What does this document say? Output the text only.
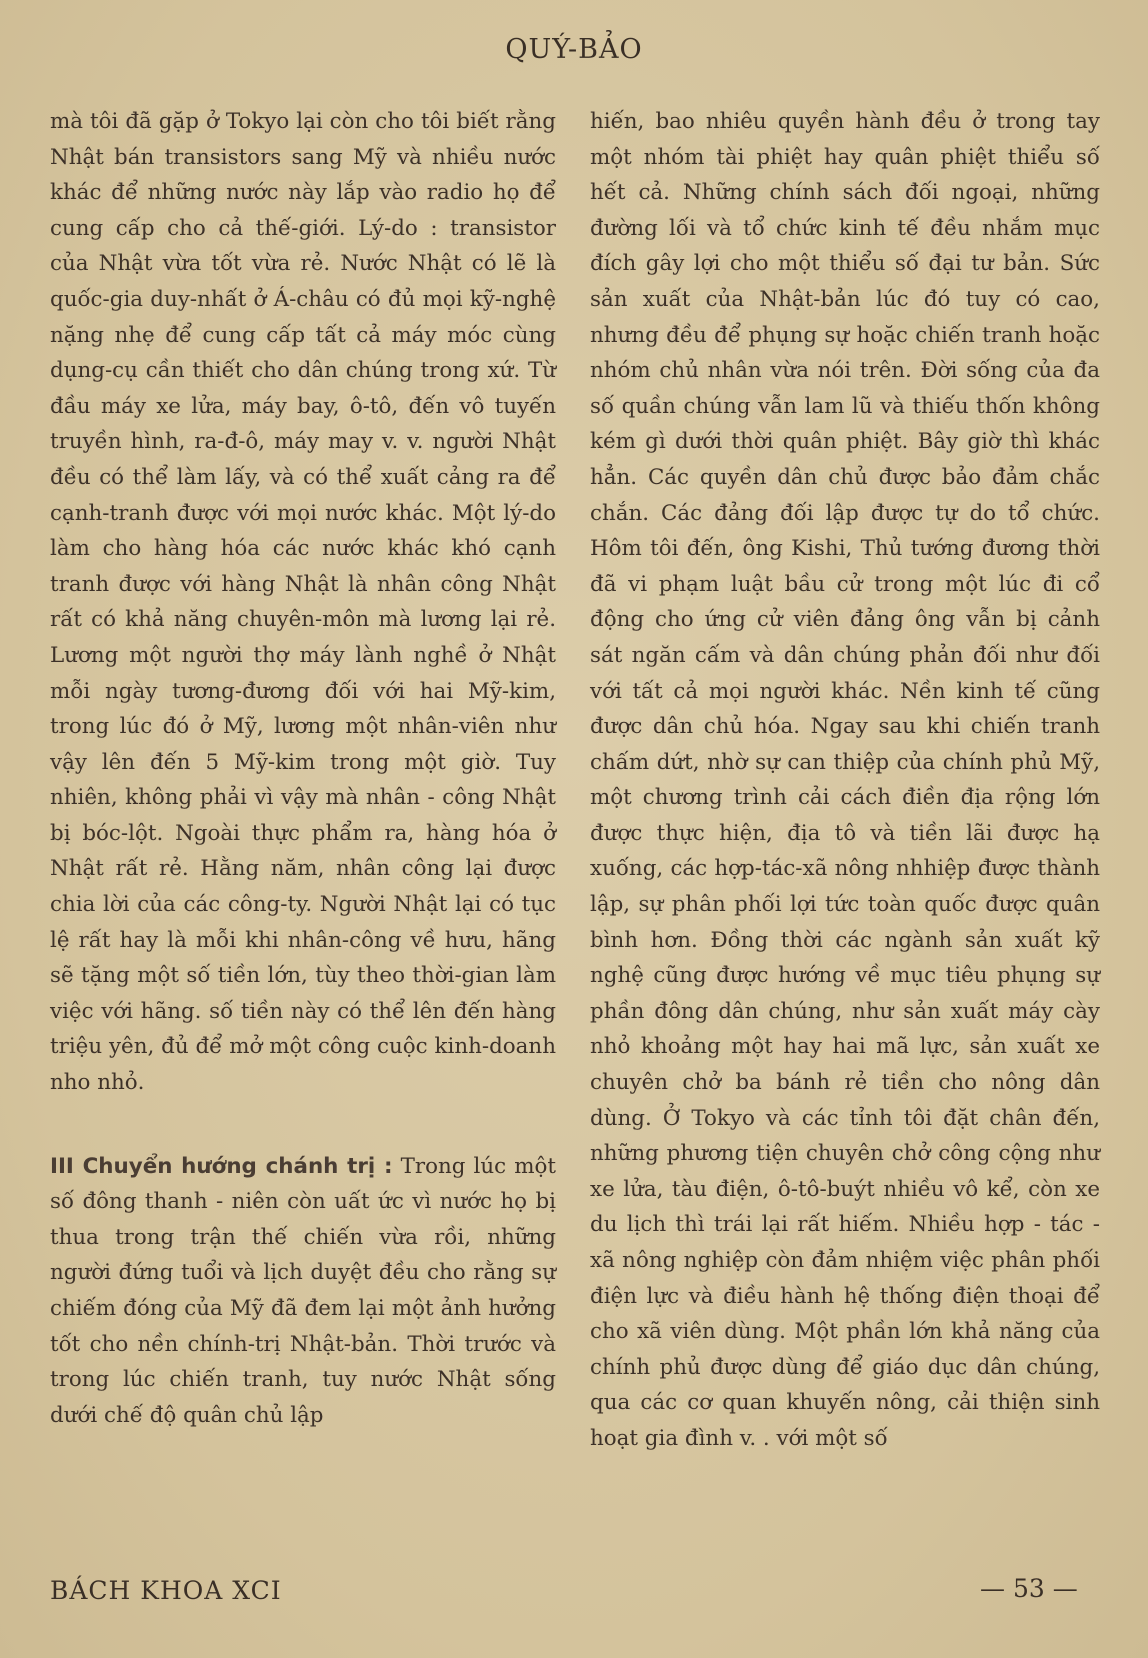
QUÝ-BẢO

mà tôi đã gặp ở Tokyo lại còn cho tôi biết rằng Nhật bán transistors sang Mỹ và nhiều nước khác để những nước này lắp vào radio họ để cung cấp cho cả thế-giới. Lý-do : transistor của Nhật vừa tốt vừa rẻ. Nước Nhật có lẽ là quốc-gia duy-nhất ở Á-châu có đủ mọi kỹ-nghệ nặng nhẹ để cung cấp tất cả máy móc cùng dụng-cụ cần thiết cho dân chúng trong xứ. Từ đầu máy xe lửa, máy bay, ô-tô, đến vô tuyến truyền hình, ra-đ-ô, máy may v. v. người Nhật đều có thể làm lấy, và có thể xuất cảng ra để cạnh-tranh được với mọi nước khác. Một lý-do làm cho hàng hóa các nước khác khó cạnh tranh được với hàng Nhật là nhân công Nhật rất có khả năng chuyên-môn mà lương lại rẻ. Lương một người thợ máy lành nghề ở Nhật mỗi ngày tương-đương đối với hai Mỹ-kim, trong lúc đó ở Mỹ, lương một nhân-viên như vậy lên đến 5 Mỹ-kim trong một giờ. Tuy nhiên, không phải vì vậy mà nhân - công Nhật bị bóc-lột. Ngoài thực phẩm ra, hàng hóa ở Nhật rất rẻ. Hằng năm, nhân công lại được chia lời của các công-ty. Người Nhật lại có tục lệ rất hay là mỗi khi nhân-công về hưu, hãng sẽ tặng một số tiền lớn, tùy theo thời-gian làm việc với hãng. số tiền này có thể lên đến hàng triệu yên, đủ để mở một công cuộc kinh-doanh nho nhỏ.

III Chuyển hướng chánh trị : Trong lúc một số đông thanh - niên còn uất ức vì nước họ bị thua trong trận thế chiến vừa rồi, những người đứng tuổi và lịch duyệt đều cho rằng sự chiếm đóng của Mỹ đã đem lại một ảnh hưởng tốt cho nền chính-trị Nhật-bản. Thời trước và trong lúc chiến tranh, tuy nước Nhật sống dưới chế độ quân chủ lập

hiến, bao nhiêu quyền hành đều ở trong tay một nhóm tài phiệt hay quân phiệt thiểu số hết cả. Những chính sách đối ngoại, những đường lối và tổ chức kinh tế đều nhắm mục đích gây lợi cho một thiểu số đại tư bản. Sức sản xuất của Nhật-bản lúc đó tuy có cao, nhưng đều để phụng sự hoặc chiến tranh hoặc nhóm chủ nhân vừa nói trên. Đời sống của đa số quần chúng vẫn lam lũ và thiếu thốn không kém gì dưới thời quân phiệt. Bây giờ thì khác hẳn. Các quyền dân chủ được bảo đảm chắc chắn. Các đảng đối lập được tự do tổ chức. Hôm tôi đến, ông Kishi, Thủ tướng đương thời đã vi phạm luật bầu cử trong một lúc đi cổ động cho ứng cử viên đảng ông vẫn bị cảnh sát ngăn cấm và dân chúng phản đối như đối với tất cả mọi người khác. Nền kinh tế cũng được dân chủ hóa. Ngay sau khi chiến tranh chấm dứt, nhờ sự can thiệp của chính phủ Mỹ, một chương trình cải cách điền địa rộng lớn được thực hiện, địa tô và tiền lãi được hạ xuống, các hợp-tác-xã nông nhhiệp được thành lập, sự phân phối lợi tức toàn quốc được quân bình hơn. Đồng thời các ngành sản xuất kỹ nghệ cũng được hướng về mục tiêu phụng sự phần đông dân chúng, như sản xuất máy cày nhỏ khoảng một hay hai mã lực, sản xuất xe chuyên chở ba bánh rẻ tiền cho nông dân dùng. Ở Tokyo và các tỉnh tôi đặt chân đến, những phương tiện chuyên chở công cộng như xe lửa, tàu điện, ô-tô-buýt nhiều vô kể, còn xe du lịch thì trái lại rất hiếm. Nhiều hợp - tác - xã nông nghiệp còn đảm nhiệm việc phân phối điện lực và điều hành hệ thống điện thoại để cho xã viên dùng. Một phần lớn khả năng của chính phủ được dùng để giáo dục dân chúng, qua các cơ quan khuyến nông, cải thiện sinh hoạt gia đình v. . với một số

BÁCH KHOA XCI	— 53 —
